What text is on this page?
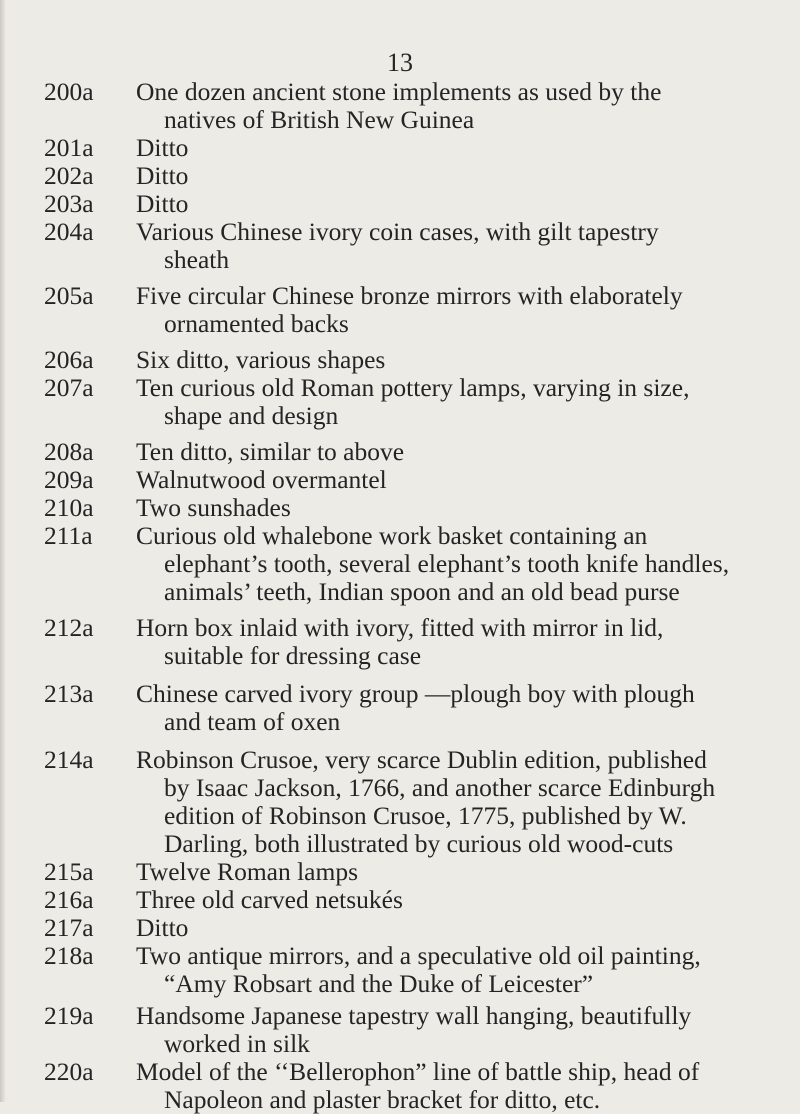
13
200a	One dozen ancient stone implements as used by the
natives of British New Guinea
201a	Ditto
202a	Ditto
203a	Ditto
204a	Various Chinese ivory coin cases, with gilt tapestry
sheath
205a	Five circular Chinese bronze mirrors with elaborately
ornamented backs
206a	Six ditto, various shapes
207a	Ten curious old Roman pottery lamps, varying in size,
shape and design
208a	Ten ditto, similar to above
209a	Walnutwood overmantel
210a	Two sunshades
211a	Curious old whalebone work basket containing an
elephant’s tooth, several elephant’s tooth knife handles,
animals’ teeth, Indian spoon and an old bead purse
212a	Horn box inlaid with ivory, fitted with mirror in lid,
suitable for dressing case
213a	Chinese carved ivory group —plough boy with plough
and team of oxen
214a	Robinson Crusoe, very scarce Dublin edition, published
by Isaac Jackson, 1766, and another scarce Edinburgh
edition of Robinson Crusoe, 1775, published by W.
Darling, both illustrated by curious old wood-cuts
215a	Twelve Roman lamps
216a	Three old carved netsukés
217a	Ditto
218a	Two antique mirrors, and a speculative old oil painting,
“Amy Robsart and the Duke of Leicester”
219a	Handsome Japanese tapestry wall hanging, beautifully
worked in silk
220a	Model of the ‘‘Bellerophon” line of battle ship, head of
Napoleon and plaster bracket for ditto, etc.
